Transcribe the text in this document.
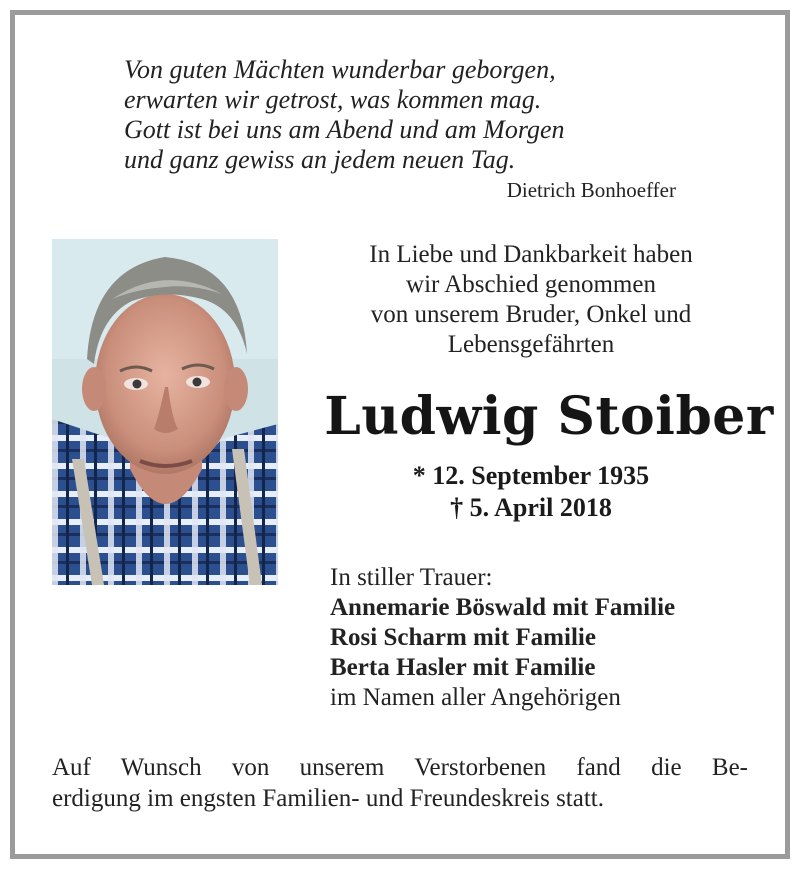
Von guten Mächten wunderbar geborgen,
erwarten wir getrost, was kommen mag.
Gott ist bei uns am Abend und am Morgen
und ganz gewiss an jedem neuen Tag.
Dietrich Bonhoeffer
In Liebe und Dankbarkeit haben
wir Abschied genommen
von unserem Bruder, Onkel und
Lebensgefährten
Ludwig Stoiber
* 12. September 1935
† 5. April 2018
In stiller Trauer:
Annemarie Böswald mit Familie
Rosi Scharm mit Familie
Berta Hasler mit Familie
im Namen aller Angehörigen
Auf Wunsch von unserem Verstorbenen fand die Be-
erdigung im engsten Familien- und Freundeskreis statt.
